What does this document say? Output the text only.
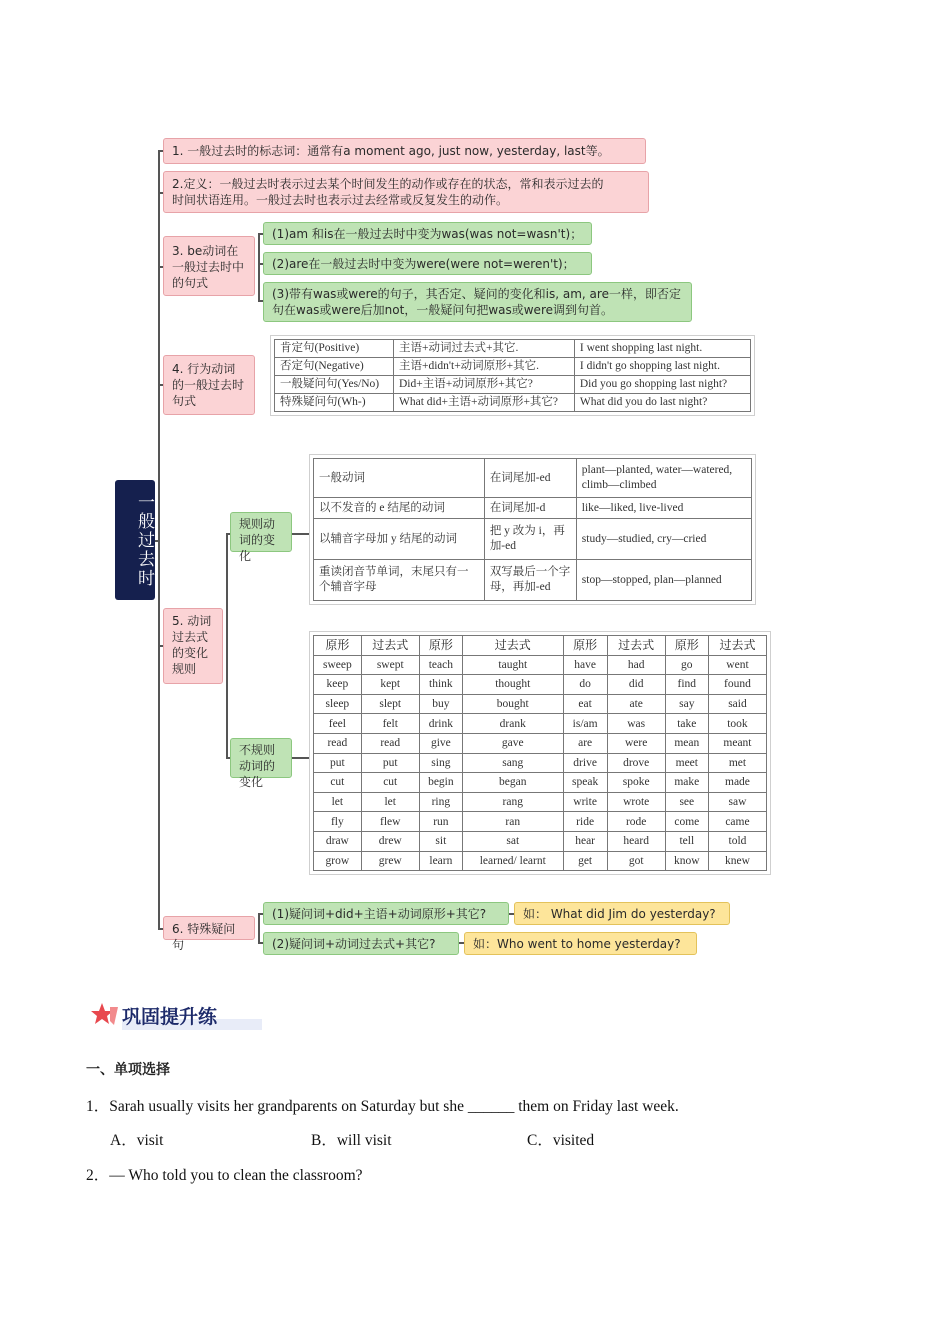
一般过去时
1. 一般过去时的标志词：通常有a moment ago, just now, yesterday, last等。
2.定义：一般过去时表示过去某个时间发生的动作或存在的状态，常和表示过去的
时间状语连用。一般过去时也表示过去经常或反复发生的动作。
3. be动词在一般过去时中的句式
(1)am 和is在一般过去时中变为was(was not=wasn't)；
(2)are在一般过去时中变为were(were not=weren't)；
(3)带有was或were的句子，其否定、疑问的变化和is, am, are一样，即否定
句在was或were后加not，一般疑问句把was或were调到句首。
4. 行为动词的一般过去时句式
肯定句(Positive)	主语+动词过去式+其它.	I went shopping last night.
否定句(Negative)	主语+didn't+动词原形+其它.	I didn't go shopping last night.
一般疑问句(Yes/No)	Did+主语+动词原形+其它?	Did you go shopping last night?
特殊疑问句(Wh-)	What did+主语+动词原形+其它?	What did you do last night?
5. 动词过去式的变化规则
规则动词的变化
不规则动词的变化
一般动词	在词尾加-ed	plant—planted, water—watered, climb—climbed
以不发音的 e 结尾的动词	在词尾加-d	like—liked, live-lived
以辅音字母加 y 结尾的动词	把 y 改为 i，再加-ed	study—studied, cry—cried
重读闭音节单词，末尾只有一个辅音字母	双写最后一个字母，再加-ed	stop—stopped, plan—planned
原形	过去式	原形	过去式	原形	过去式	原形	过去式
sweep	swept	teach	taught	have	had	go	went
keep	kept	think	thought	do	did	find	found
sleep	slept	buy	bought	eat	ate	say	said
feel	felt	drink	drank	is/am	was	take	took
read	read	give	gave	are	were	mean	meant
put	put	sing	sang	drive	drove	meet	met
cut	cut	begin	began	speak	spoke	make	made
let	let	ring	rang	write	wrote	see	saw
fly	flew	run	ran	ride	rode	come	came
draw	drew	sit	sat	hear	heard	tell	told
grow	grew	learn	learned/ learnt	get	got	know	knew
6. 特殊疑问句
(1)疑问词+did+主语+动词原形+其它?	如： What did Jim do yesterday?
(2)疑问词+动词过去式+其它?	如：Who went to home yesterday?
巩固提升练
一、单项选择
1．Sarah usually visits her grandparents on Saturday but she ______ them on Friday last week.
A．visit	B．will visit	C．visited
2．— Who told you to clean the classroom?
